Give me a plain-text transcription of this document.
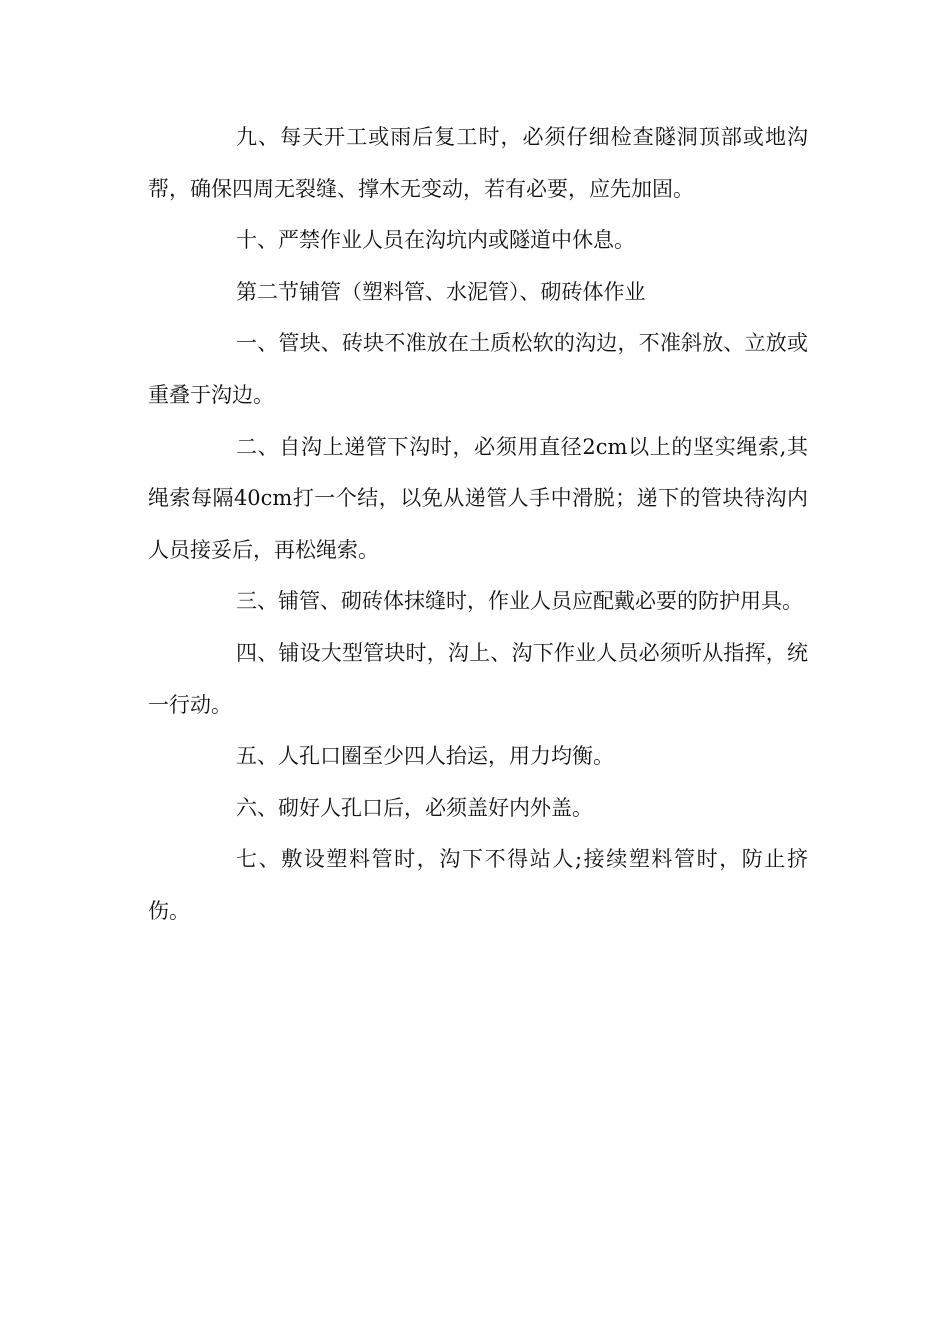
九、每天开工或雨后复工时，必须仔细检查隧洞顶部或地沟帮，确保四周无裂缝、撑木无变动，若有必要，应先加固。

十、严禁作业人员在沟坑内或隧道中休息。

第二节铺管（塑料管、水泥管）、砌砖体作业

一、管块、砖块不准放在土质松软的沟边，不准斜放、立放或重叠于沟边。

二、自沟上递管下沟时，必须用直径2cm以上的坚实绳索,其绳索每隔40cm打一个结，以免从递管人手中滑脱；递下的管块待沟内人员接妥后，再松绳索。

三、铺管、砌砖体抹缝时，作业人员应配戴必要的防护用具。

四、铺设大型管块时，沟上、沟下作业人员必须听从指挥，统一行动。

五、人孔口圈至少四人抬运，用力均衡。

六、砌好人孔口后，必须盖好内外盖。

七、敷设塑料管时，沟下不得站人;接续塑料管时，防止挤伤。
